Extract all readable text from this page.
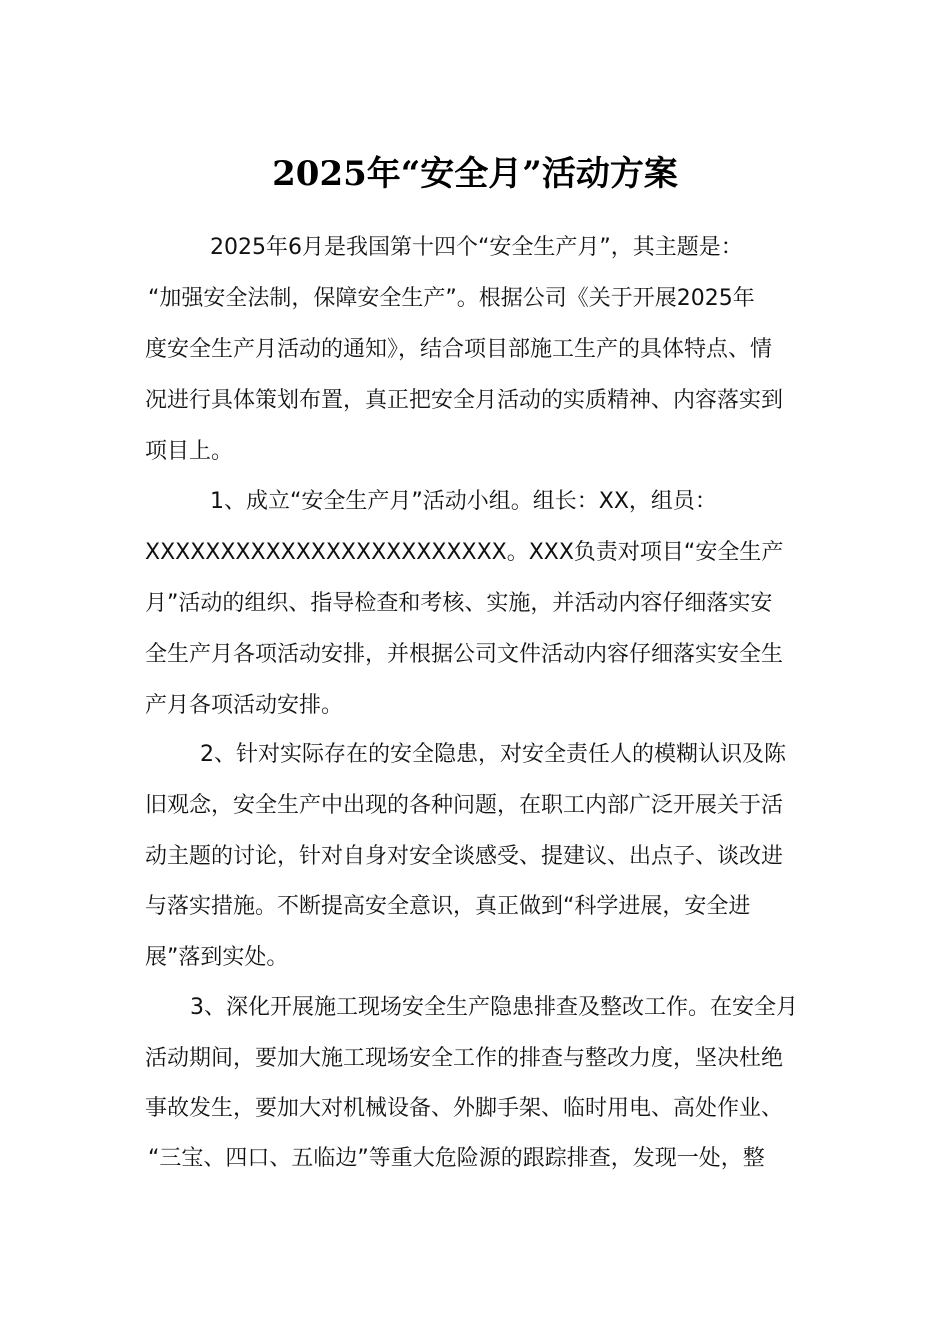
2025年“安全月”活动方案

2025年6月是我国第十四个“安全生产月”，其主题是：

“加强安全法制，保障安全生产”。根据公司《关于开展2025年

度安全生产月活动的通知》，结合项目部施工生产的具体特点、情

况进行具体策划布置，真正把安全月活动的实质精神、内容落实到

项目上。

1、成立“安全生产月”活动小组。组长：XX，组员：

XXXXXXXXXXXXXXXXXXXXXXXX。XXX负责对项目“安全生产

月”活动的组织、指导检查和考核、实施，并活动内容仔细落实安

全生产月各项活动安排，并根据公司文件活动内容仔细落实安全生

产月各项活动安排。

2、针对实际存在的安全隐患，对安全责任人的模糊认识及陈

旧观念，安全生产中出现的各种问题，在职工内部广泛开展关于活

动主题的讨论，针对自身对安全谈感受、提建议、出点子、谈改进

与落实措施。不断提高安全意识，真正做到“科学进展，安全进

展”落到实处。

3、深化开展施工现场安全生产隐患排查及整改工作。在安全月

活动期间，要加大施工现场安全工作的排查与整改力度，坚决杜绝

事故发生，要加大对机械设备、外脚手架、临时用电、高处作业、

“三宝、四口、五临边”等重大危险源的跟踪排查，发现一处，整
